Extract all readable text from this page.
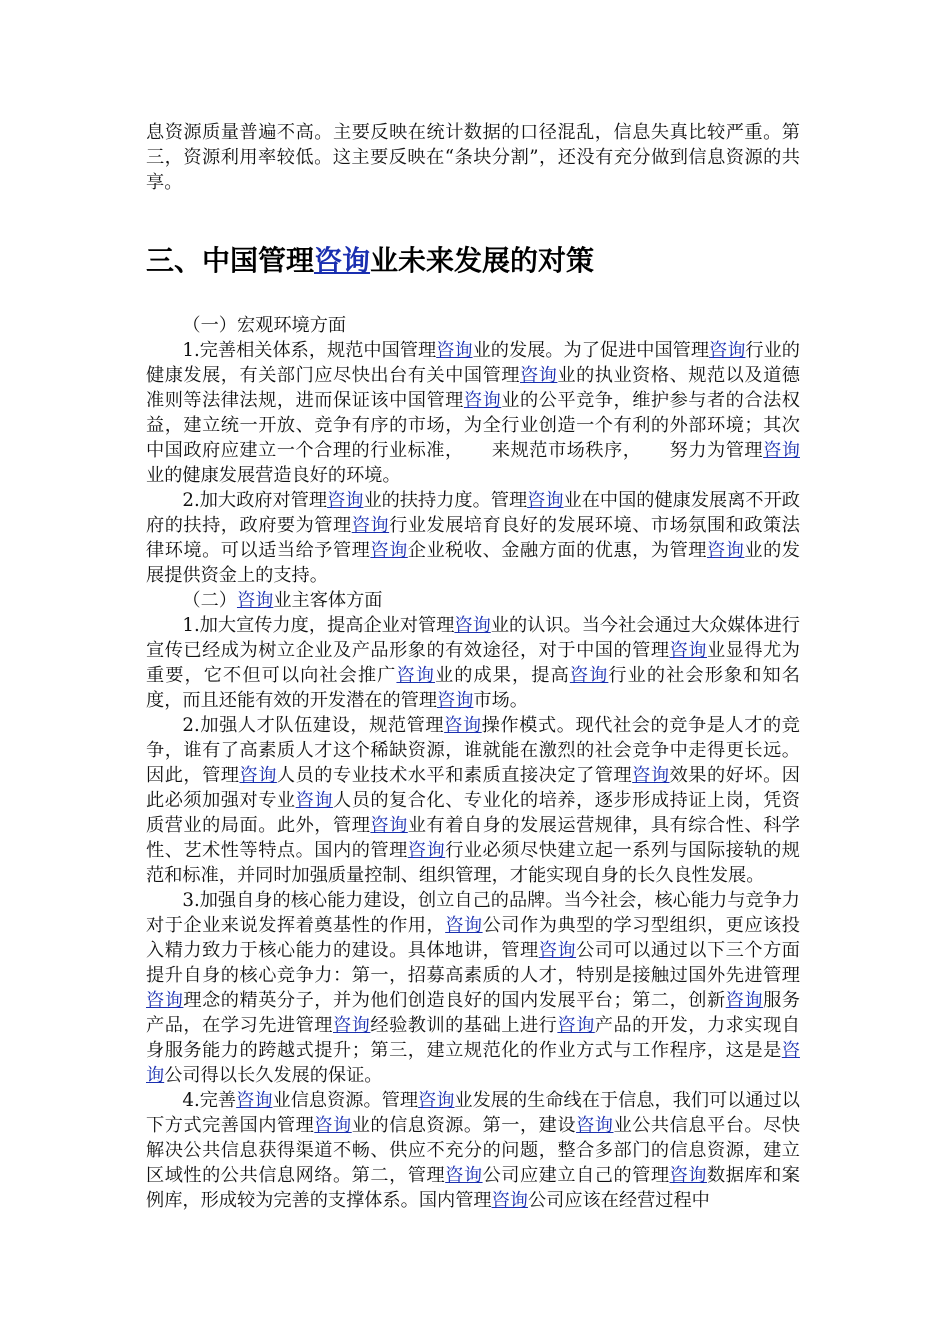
息资源质量普遍不高。主要反映在统计数据的口径混乱，信息失真比较严重。第三，资源利用率较低。这主要反映在“条块分割”，还没有充分做到信息资源的共享。

三、中国管理咨询业未来发展的对策

（一）宏观环境方面

1.完善相关体系，规范中国管理咨询业的发展。为了促进中国管理咨询行业的健康发展，有关部门应尽快出台有关中国管理咨询业的执业资格、规范以及道德准则等法律法规，进而保证该中国管理咨询业的公平竞争，维护参与者的合法权益，建立统一开放、竞争有序的市场，为全行业创造一个有利的外部环境；其次中国政府应建立一个合理的行业标准，　　来规范市场秩序，　　努力为管理咨询业的健康发展营造良好的环境。

2.加大政府对管理咨询业的扶持力度。管理咨询业在中国的健康发展离不开政府的扶持，政府要为管理咨询行业发展培育良好的发展环境、市场氛围和政策法律环境。可以适当给予管理咨询企业税收、金融方面的优惠，为管理咨询业的发展提供资金上的支持。

（二）咨询业主客体方面

1.加大宣传力度，提高企业对管理咨询业的认识。当今社会通过大众媒体进行宣传已经成为树立企业及产品形象的有效途径，对于中国的管理咨询业显得尤为重要，它不但可以向社会推广咨询业的成果，提高咨询行业的社会形象和知名度，而且还能有效的开发潜在的管理咨询市场。

2.加强人才队伍建设，规范管理咨询操作模式。现代社会的竞争是人才的竞争，谁有了高素质人才这个稀缺资源，谁就能在激烈的社会竞争中走得更长远。因此，管理咨询人员的专业技术水平和素质直接决定了管理咨询效果的好坏。因此必须加强对专业咨询人员的复合化、专业化的培养，逐步形成持证上岗，凭资质营业的局面。此外，管理咨询业有着自身的发展运营规律，具有综合性、科学性、艺术性等特点。国内的管理咨询行业必须尽快建立起一系列与国际接轨的规范和标准，并同时加强质量控制、组织管理，才能实现自身的长久良性发展。

3.加强自身的核心能力建设，创立自己的品牌。当今社会，核心能力与竞争力对于企业来说发挥着奠基性的作用，咨询公司作为典型的学习型组织，更应该投入精力致力于核心能力的建设。具体地讲，管理咨询公司可以通过以下三个方面提升自身的核心竞争力：第一，招募高素质的人才，特别是接触过国外先进管理咨询理念的精英分子，并为他们创造良好的国内发展平台；第二，创新咨询服务产品，在学习先进管理咨询经验教训的基础上进行咨询产品的开发，力求实现自身服务能力的跨越式提升；第三，建立规范化的作业方式与工作程序，这是是咨询公司得以长久发展的保证。

4.完善咨询业信息资源。管理咨询业发展的生命线在于信息，我们可以通过以下方式完善国内管理咨询业的信息资源。第一，建设咨询业公共信息平台。尽快解决公共信息获得渠道不畅、供应不充分的问题，整合多部门的信息资源，建立区域性的公共信息网络。第二，管理咨询公司应建立自己的管理咨询数据库和案例库，形成较为完善的支撑体系。国内管理咨询公司应该在经营过程中
